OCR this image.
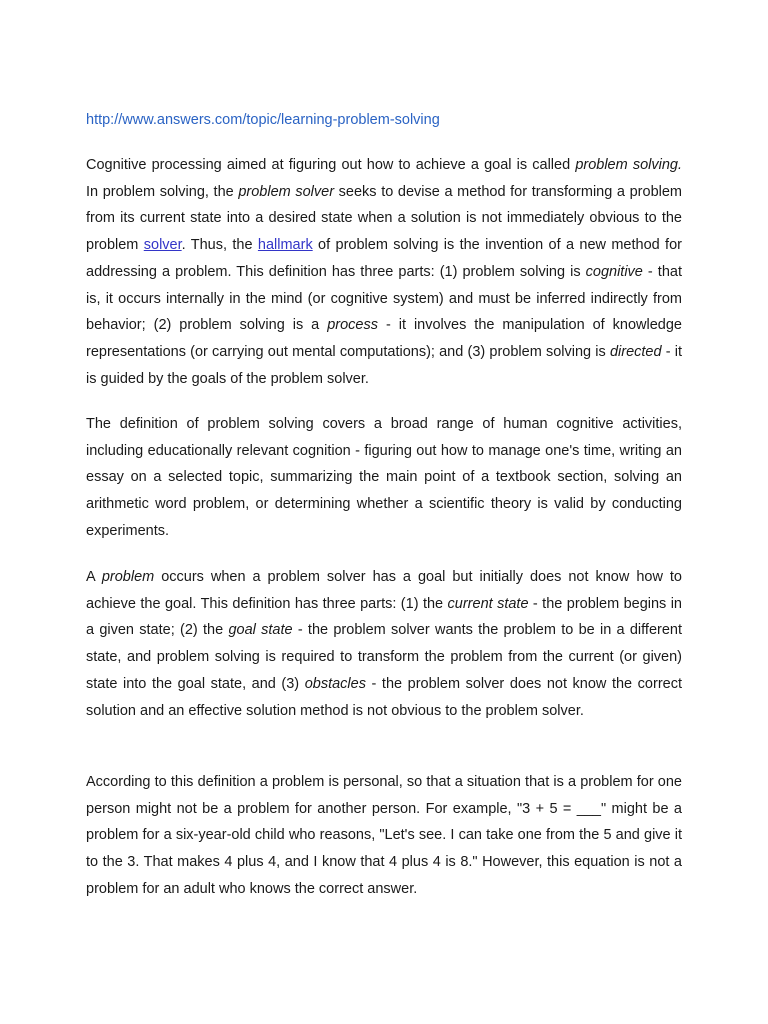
http://www.answers.com/topic/learning-problem-solving

Cognitive processing aimed at figuring out how to achieve a goal is called problem solving. In problem solving, the problem solver seeks to devise a method for transforming a problem from its current state into a desired state when a solution is not immediately obvious to the problem solver. Thus, the hallmark of problem solving is the invention of a new method for addressing a problem. This definition has three parts: (1) problem solving is cognitive - that is, it occurs internally in the mind (or cognitive system) and must be inferred indirectly from behavior; (2) problem solving is a process - it involves the manipulation of knowledge representations (or carrying out mental computations); and (3) problem solving is directed - it is guided by the goals of the problem solver.

The definition of problem solving covers a broad range of human cognitive activities, including educationally relevant cognition - figuring out how to manage one's time, writing an essay on a selected topic, summarizing the main point of a textbook section, solving an arithmetic word problem, or determining whether a scientific theory is valid by conducting experiments.

A problem occurs when a problem solver has a goal but initially does not know how to achieve the goal. This definition has three parts: (1) the current state - the problem begins in a given state; (2) the goal state - the problem solver wants the problem to be in a different state, and problem solving is required to transform the problem from the current (or given) state into the goal state, and (3) obstacles - the problem solver does not know the correct solution and an effective solution method is not obvious to the problem solver.

According to this definition a problem is personal, so that a situation that is a problem for one person might not be a problem for another person. For example, "3 + 5 = ___" might be a problem for a six-year-old child who reasons, "Let's see. I can take one from the 5 and give it to the 3. That makes 4 plus 4, and I know that 4 plus 4 is 8." However, this equation is not a problem for an adult who knows the correct answer.
